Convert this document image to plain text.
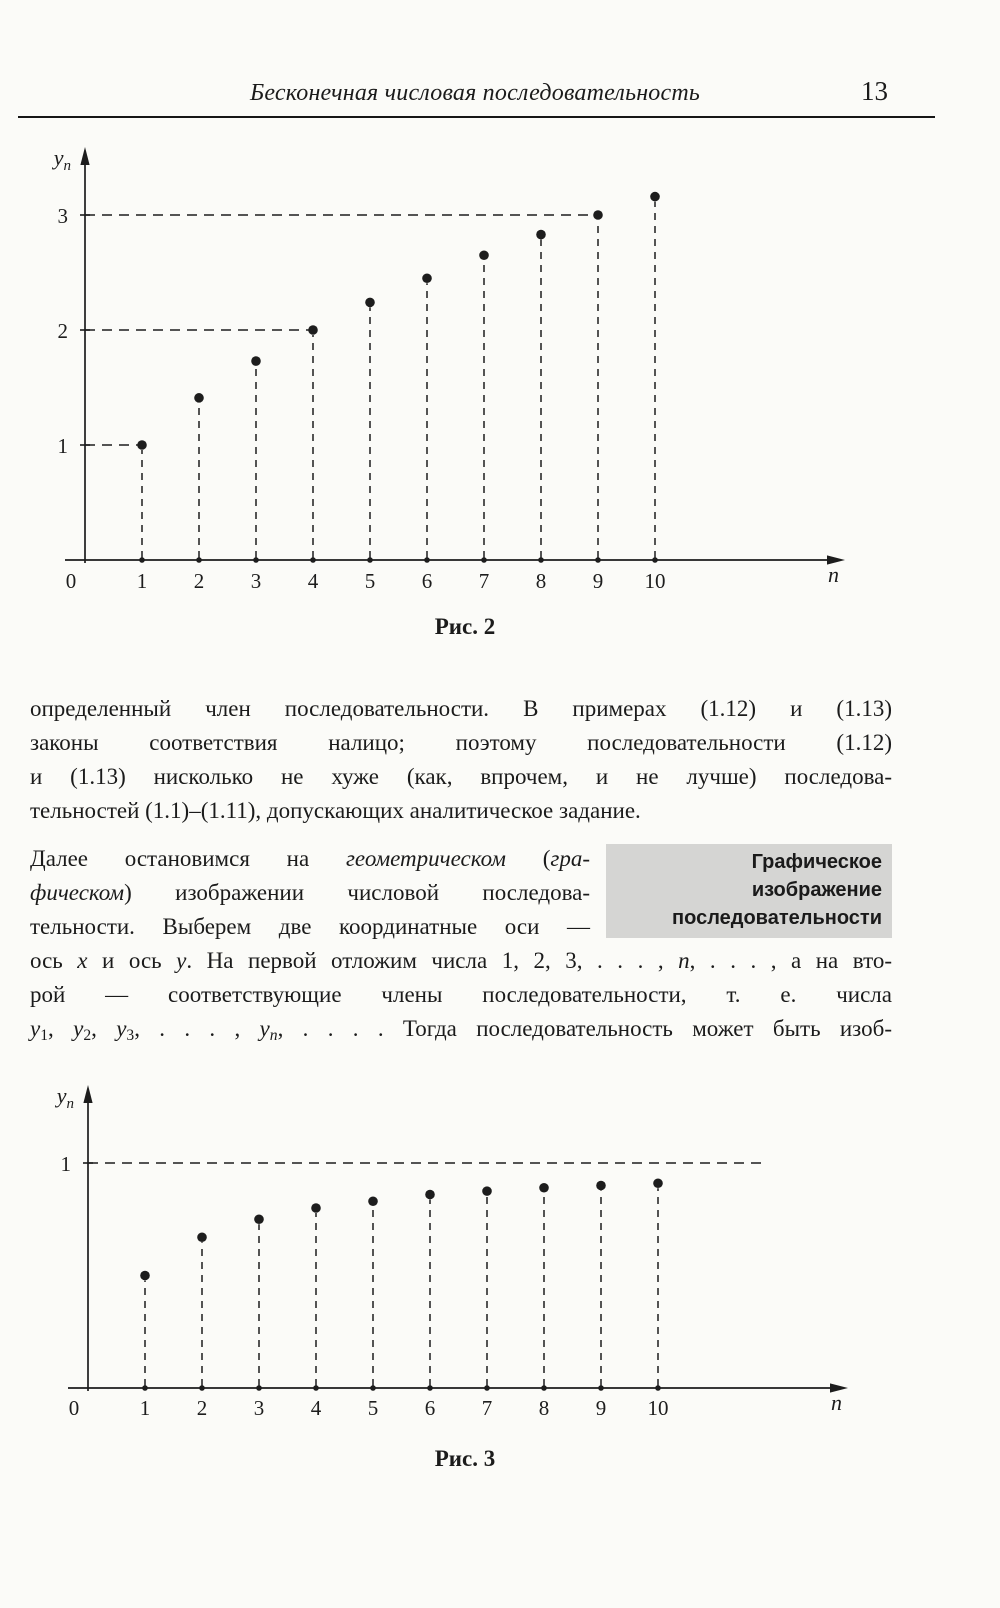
Бесконечная числовая последовательность	13
0	1 2 3 4 5 6 7 8 9 10
1
2
3
$y_n$
n
Рис. 2
определенный член последовательности. В примерах (1.12) и (1.13)
законы соответствия налицо; поэтому последовательности (1.12)
и (1.13) нисколько не хуже (как, впрочем, и не лучше) последова-
тельностей (1.1)–(1.11), допускающих аналитическое задание.
Графическое
изображение
последовательности
Далее остановимся на геометрическом (гра-
фическом) изображении числовой последова-
тельности. Выберем две координатные оси —
ось x и ось y. На первой отложим числа 1, 2, 3, . . . , n, . . . , а на вто-
рой — соответствующие члены последовательности, т. е. числа
$y_1$, $y_2$, $y_3$, . . . , $y_n$, . . . . Тогда последовательность может быть изоб-
0	1 2 3 4 5 6 7 8 9 10
1
$y_n$
n
Рис. 3
